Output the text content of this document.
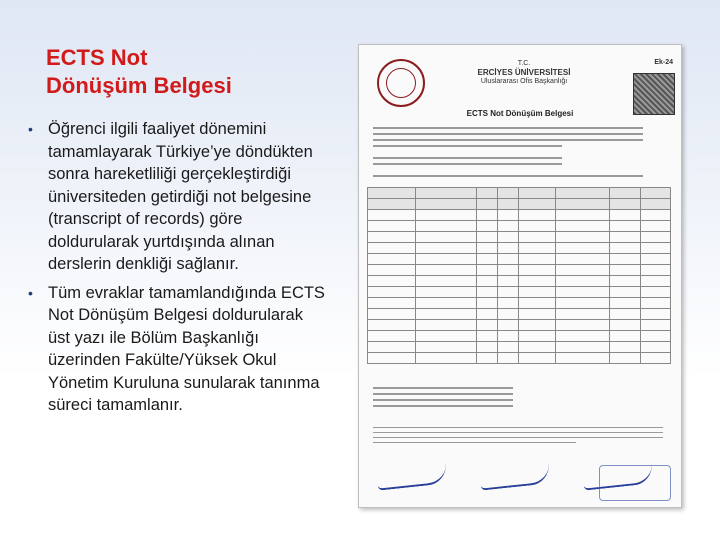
ECTS Not
Dönüşüm Belgesi
• Öğrenci ilgili faaliyet dönemini tamamlayarak Türkiye’ye döndükten sonra hareketliliği gerçekleştirdiği üniversiteden getirdiği not belgesine (transcript of records) göre doldurularak yurtdışında alınan derslerin denkliği sağlanır.
• Tüm evraklar tamamlandığında ECTS Not Dönüşüm Belgesi doldurularak üst yazı ile Bölüm Başkanlığı üzerinden Fakülte/Yüksek Okul Yönetim Kuruluna sunularak tanınma süreci tamamlanır.
T.C.
ERCİYES ÜNİVERSİTESİ
Uluslararası Ofis Başkanlığı
Ek-24
ECTS Not Dönüşüm Belgesi
